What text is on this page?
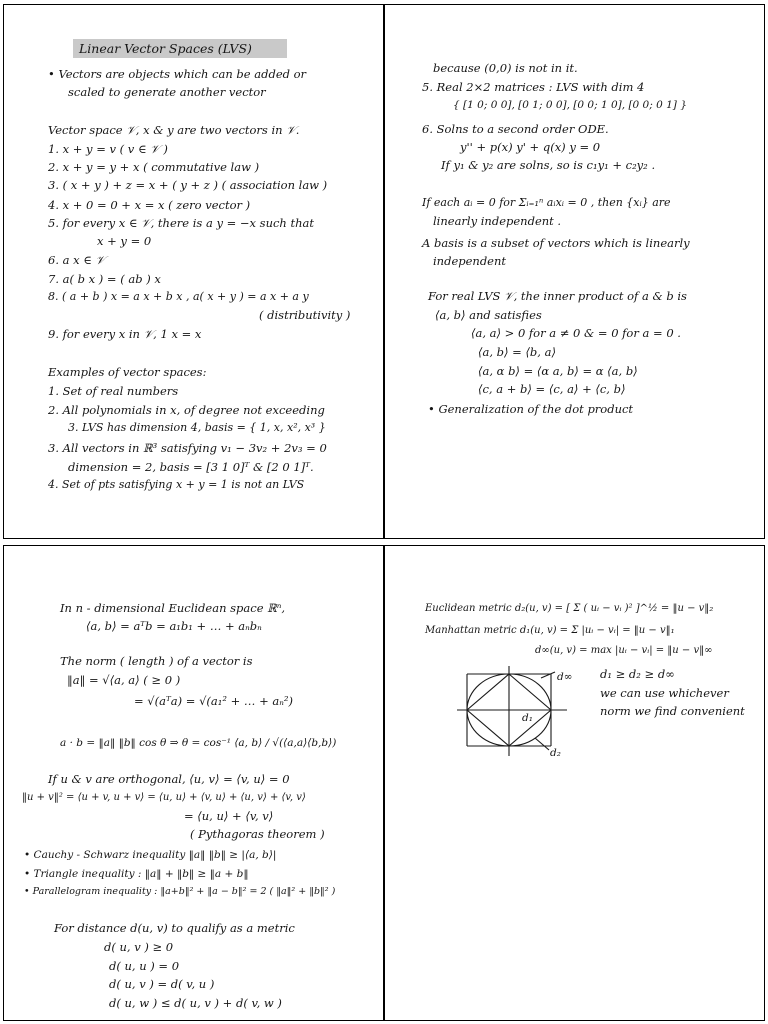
Linear Vector Spaces (LVS)
• Vectors are objects which can be added or
scaled to generate another vector
Vector space 𝒱, x & y are two vectors in 𝒱.
1. x + y = v ( v ∈ 𝒱 )
2. x + y = y + x ( commutative law )
3. ( x + y ) + z = x + ( y + z ) ( association law )
4. x + 0 = 0 + x = x ( zero vector )
5. for every x ∈ 𝒱, there is a y = −x such that
x + y = 0
6. a x ∈ 𝒱
7. a( b x ) = ( ab ) x
8. ( a + b ) x = a x + b x , a( x + y ) = a x + a y
( distributivity )
9. for every x in 𝒱, 1 x = x
Examples of vector spaces:
1. Set of real numbers
2. All polynomials in x, of degree not exceeding
3. LVS has dimension 4, basis = { 1, x, x², x³ }
3. All vectors in ℝ³ satisfying v₁ − 3v₂ + 2v₃ = 0
dimension = 2, basis = [3 1 0]ᵀ & [2 0 1]ᵀ.
4. Set of pts satisfying x + y = 1 is not an LVS
because (0,0) is not in it.
5. Real 2×2 matrices : LVS with dim 4
{ [1 0; 0 0], [0 1; 0 0], [0 0; 1 0], [0 0; 0 1] }
6. Solns to a second order ODE.
y'' + p(x) y' + q(x) y = 0
If y₁ & y₂ are solns, so is c₁y₁ + c₂y₂ .
If each aᵢ = 0 for Σᵢ₌₁ⁿ aᵢxᵢ = 0 , then {xᵢ} are
linearly independent .
A basis is a subset of vectors which is linearly
independent
For real LVS 𝒱, the inner product of a & b is
⟨a, b⟩ and satisfies
⟨a, a⟩ > 0 for a ≠ 0 & = 0 for a = 0 .
⟨a, b⟩ = ⟨b, a⟩
⟨a, α b⟩ = ⟨α a, b⟩ = α ⟨a, b⟩
⟨c, a + b⟩ = ⟨c, a⟩ + ⟨c, b⟩
• Generalization of the dot product
In n - dimensional Euclidean space ℝⁿ,
⟨a, b⟩ = aᵀb = a₁b₁ + … + aₙbₙ
The norm ( length ) of a vector is
‖a‖ = √⟨a, a⟩ ( ≥ 0 )
= √(aᵀa) = √(a₁² + … + aₙ²)
a · b = ‖a‖ ‖b‖ cos θ ⇒ θ = cos⁻¹ ⟨a, b⟩ / √(⟨a,a⟩⟨b,b⟩)
If u & v are orthogonal, ⟨u, v⟩ = ⟨v, u⟩ = 0
‖u + v‖² = ⟨u + v, u + v⟩ = ⟨u, u⟩ + ⟨v, u⟩ + ⟨u, v⟩ + ⟨v, v⟩
= ⟨u, u⟩ + ⟨v, v⟩
( Pythagoras theorem )
• Cauchy - Schwarz inequality ‖a‖ ‖b‖ ≥ |⟨a, b⟩|
• Triangle inequality : ‖a‖ + ‖b‖ ≥ ‖a + b‖
• Parallelogram inequality : ‖a+b‖² + ‖a − b‖² = 2 ( ‖a‖² + ‖b‖² )
For distance d(u, v) to qualify as a metric
d( u, v ) ≥ 0
d( u, u ) = 0
d( u, v ) = d( v, u )
d( u, w ) ≤ d( u, v ) + d( v, w )
Euclidean metric d₂(u, v) = [ Σ ( uᵢ − vᵢ )² ]^½ = ‖u − v‖₂
Manhattan metric d₁(u, v) = Σ |uᵢ − vᵢ| = ‖u − v‖₁
d∞(u, v) = max |uᵢ − vᵢ| = ‖u − v‖∞
d₁ ≥ d₂ ≥ d∞
we can use whichever
norm we find convenient
d∞
d₁
d₂
